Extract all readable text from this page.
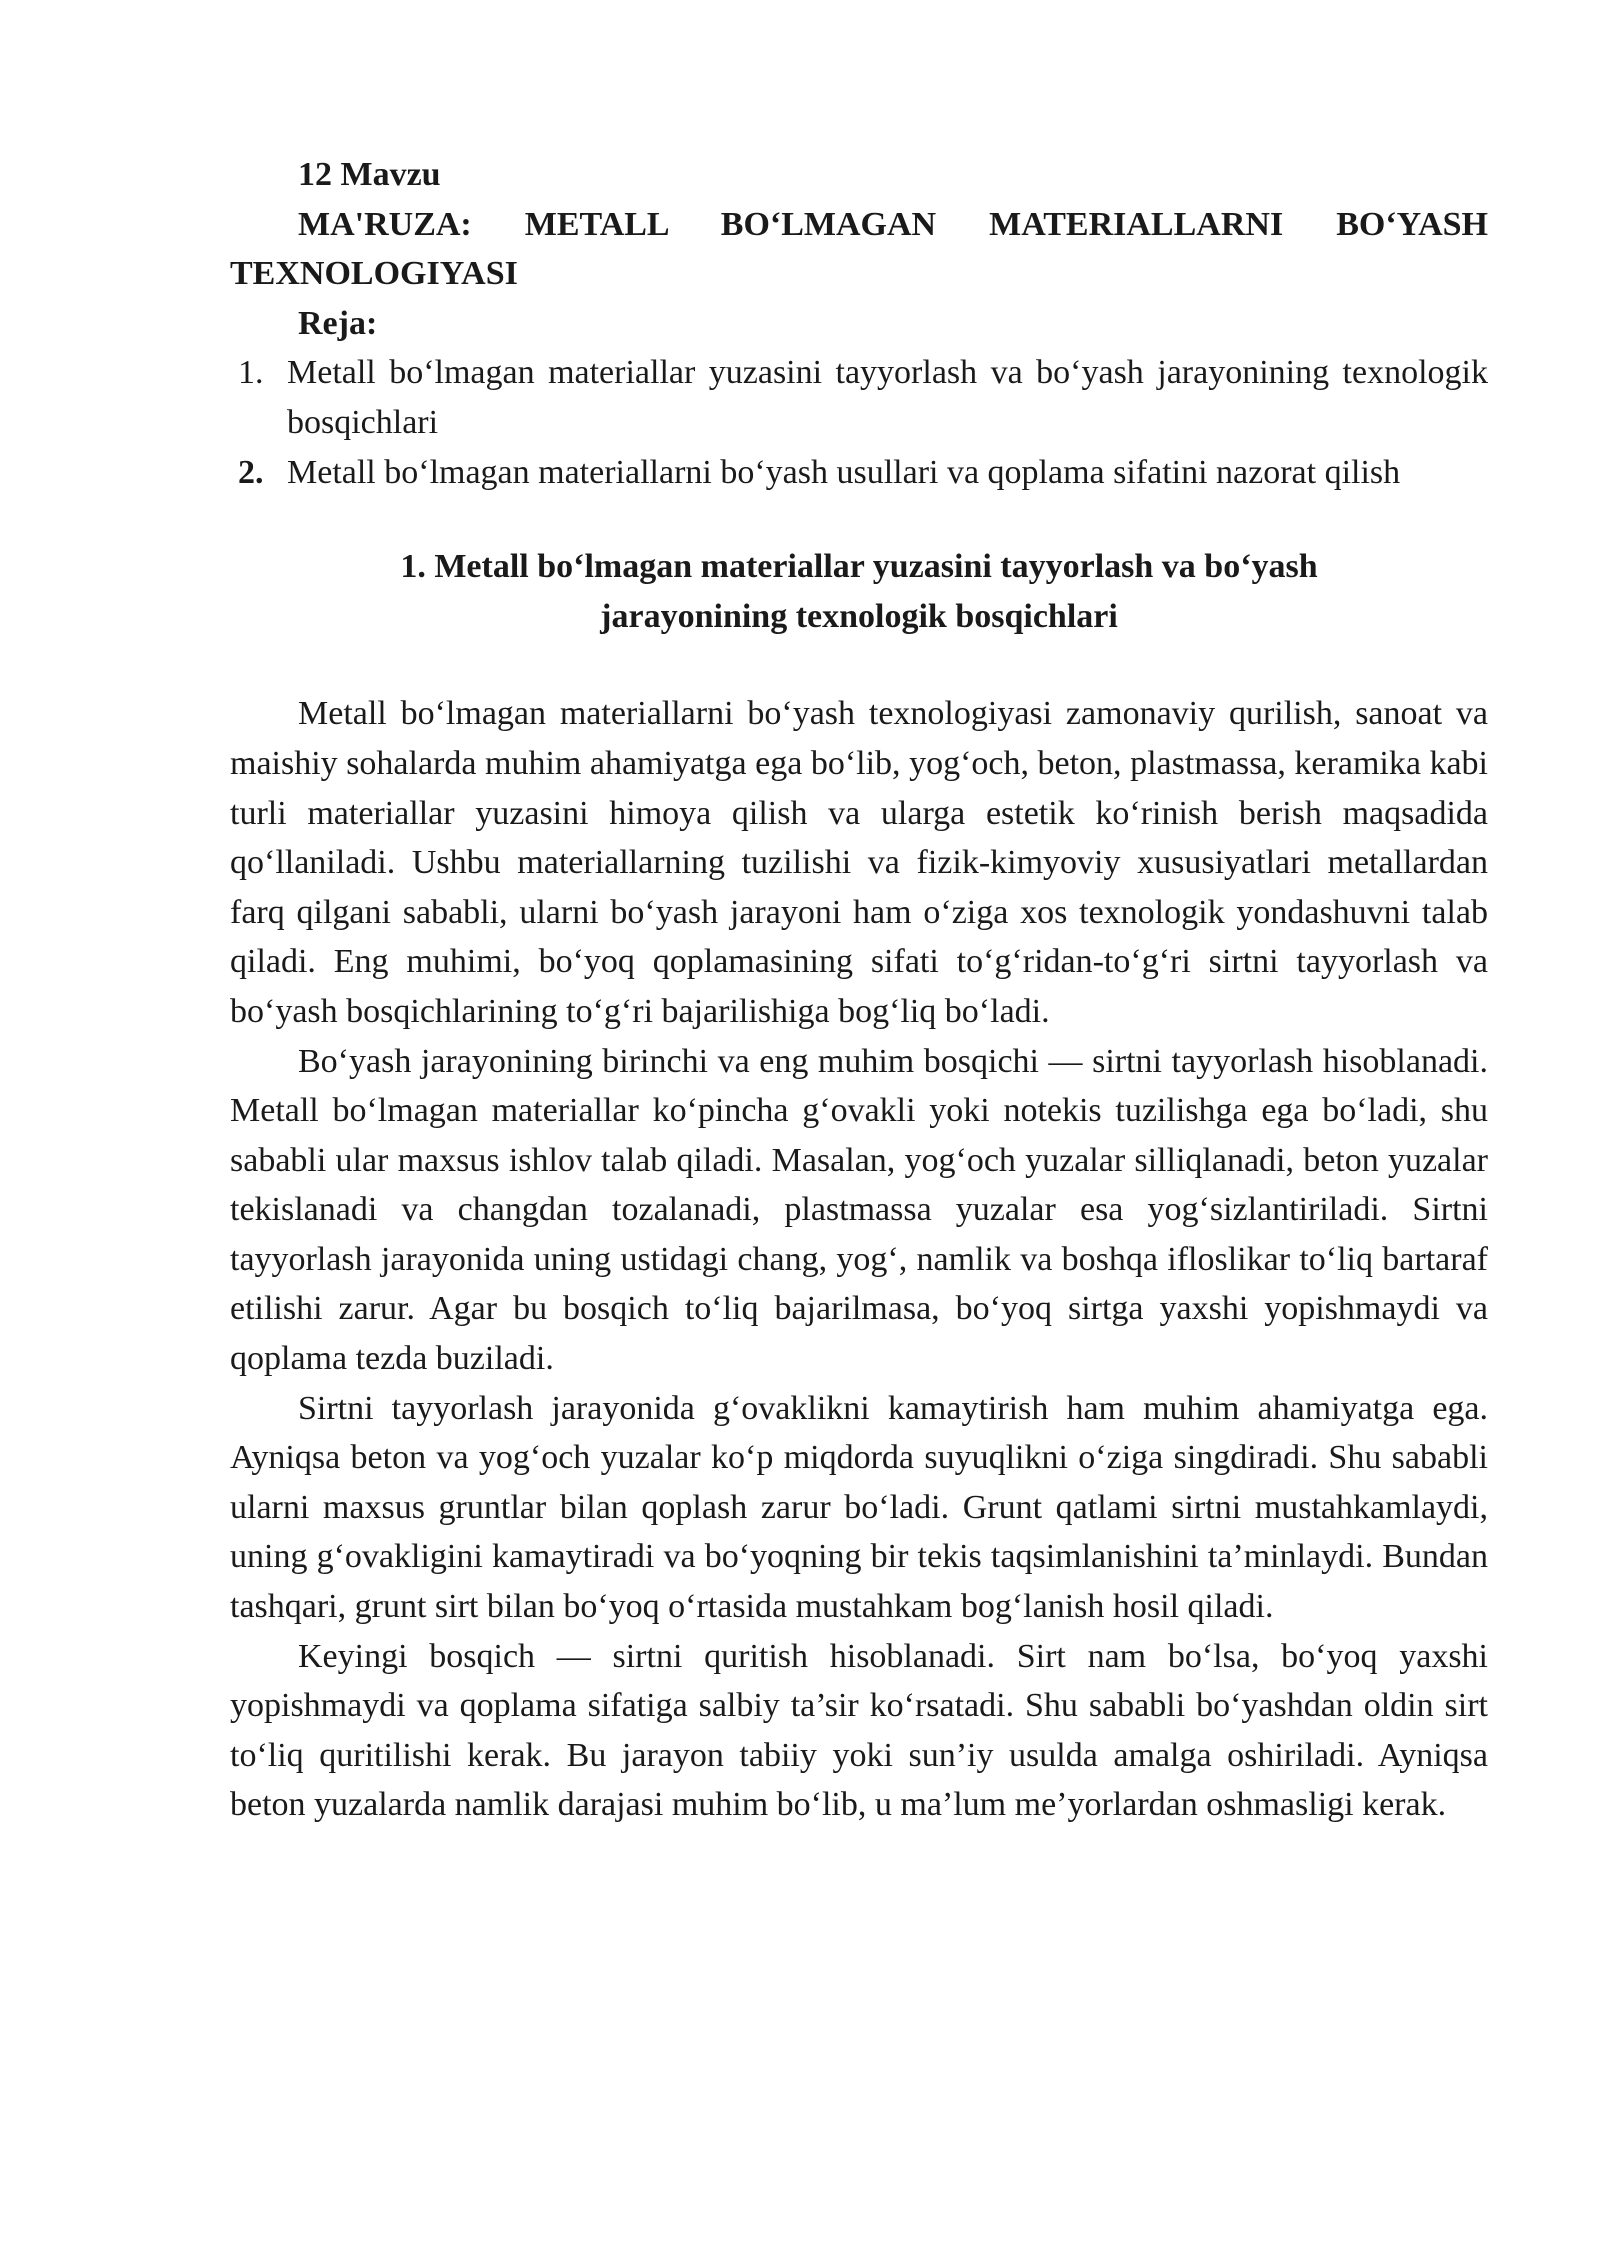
12 Mavzu

MA'RUZA: METALL BO‘LMAGAN MATERIALLARNI BO‘YASH TEXNOLOGIYASI

Reja:

1. Metall bo‘lmagan materiallar yuzasini tayyorlash va bo‘yash jarayonining texnologik bosqichlari
2. Metall bo‘lmagan materiallarni bo‘yash usullari va qoplama sifatini nazorat qilish
1. Metall bo‘lmagan materiallar yuzasini tayyorlash va bo‘yash
jarayonining texnologik bosqichlari

Metall bo‘lmagan materiallarni bo‘yash texnologiyasi zamonaviy qurilish, sanoat va maishiy sohalarda muhim ahamiyatga ega bo‘lib, yog‘och, beton, plastmassa, keramika kabi turli materiallar yuzasini himoya qilish va ularga estetik ko‘rinish berish maqsadida qo‘llaniladi. Ushbu materiallarning tuzilishi va fizik-kimyoviy xususiyatlari metallardan farq qilgani sababli, ularni bo‘yash jarayoni ham o‘ziga xos texnologik yondashuvni talab qiladi. Eng muhimi, bo‘yoq qoplamasining sifati to‘g‘ridan-to‘g‘ri sirtni tayyorlash va bo‘yash bosqichlarining to‘g‘ri bajarilishiga bog‘liq bo‘ladi.

Bo‘yash jarayonining birinchi va eng muhim bosqichi — sirtni tayyorlash hisoblanadi. Metall bo‘lmagan materiallar ko‘pincha g‘ovakli yoki notekis tuzilishga ega bo‘ladi, shu sababli ular maxsus ishlov talab qiladi. Masalan, yog‘och yuzalar silliqlanadi, beton yuzalar tekislanadi va changdan tozalanadi, plastmassa yuzalar esa yog‘sizlantiriladi. Sirtni tayyorlash jarayonida uning ustidagi chang, yog‘, namlik va boshqa ifloslikar to‘liq bartaraf etilishi zarur. Agar bu bosqich to‘liq bajarilmasa, bo‘yoq sirtga yaxshi yopishmaydi va qoplama tezda buziladi.

Sirtni tayyorlash jarayonida g‘ovaklikni kamaytirish ham muhim ahamiyatga ega. Ayniqsa beton va yog‘och yuzalar ko‘p miqdorda suyuqlikni o‘ziga singdiradi. Shu sababli ularni maxsus gruntlar bilan qoplash zarur bo‘ladi. Grunt qatlami sirtni mustahkamlaydi, uning g‘ovakligini kamaytiradi va bo‘yoqning bir tekis taqsimlanishini ta’minlaydi. Bundan tashqari, grunt sirt bilan bo‘yoq o‘rtasida mustahkam bog‘lanish hosil qiladi.

Keyingi bosqich — sirtni quritish hisoblanadi. Sirt nam bo‘lsa, bo‘yoq yaxshi yopishmaydi va qoplama sifatiga salbiy ta’sir ko‘rsatadi. Shu sababli bo‘yashdan oldin sirt to‘liq quritilishi kerak. Bu jarayon tabiiy yoki sun’iy usulda amalga oshiriladi. Ayniqsa beton yuzalarda namlik darajasi muhim bo‘lib, u ma’lum me’yorlardan oshmasligi kerak.
